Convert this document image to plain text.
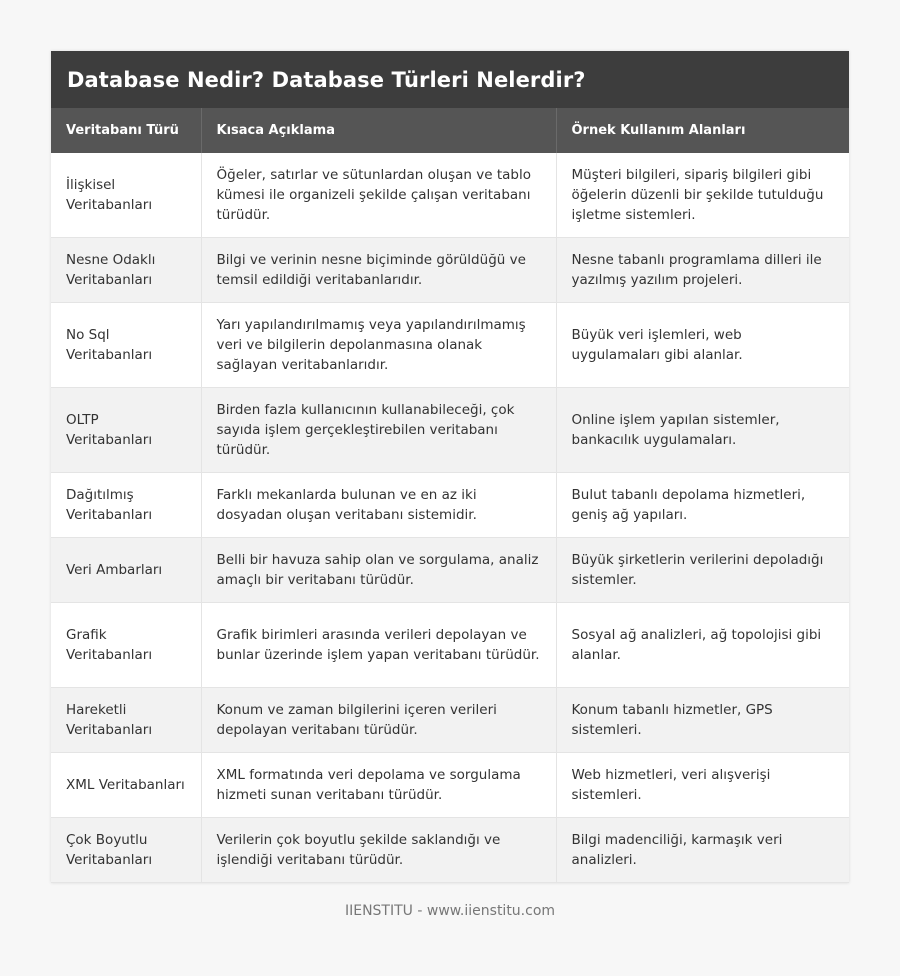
Database Nedir? Database Türleri Nelerdir?
Veritabanı Türü	Kısaca Açıklama	Örnek Kullanım Alanları
İlişkisel Veritabanları	Öğeler, satırlar ve sütunlardan oluşan ve tablo kümesi ile organizeli şekilde çalışan veritabanı türüdür.	Müşteri bilgileri, sipariş bilgileri gibi öğelerin düzenli bir şekilde tutulduğu işletme sistemleri.
Nesne Odaklı Veritabanları	Bilgi ve verinin nesne biçiminde görüldüğü ve temsil edildiği veritabanlarıdır.	Nesne tabanlı programlama dilleri ile yazılmış yazılım projeleri.
No Sql Veritabanları	Yarı yapılandırılmamış veya yapılandırılmamış veri ve bilgilerin depolanmasına olanak sağlayan veritabanlarıdır.	Büyük veri işlemleri, web uygulamaları gibi alanlar.
OLTP Veritabanları	Birden fazla kullanıcının kullanabileceği, çok sayıda işlem gerçekleştirebilen veritabanı türüdür.	Online işlem yapılan sistemler, bankacılık uygulamaları.
Dağıtılmış Veritabanları	Farklı mekanlarda bulunan ve en az iki dosyadan oluşan veritabanı sistemidir.	Bulut tabanlı depolama hizmetleri, geniş ağ yapıları.
Veri Ambarları	Belli bir havuza sahip olan ve sorgulama, analiz amaçlı bir veritabanı türüdür.	Büyük şirketlerin verilerini depoladığı sistemler.
Grafik Veritabanları	Grafik birimleri arasında verileri depolayan ve bunlar üzerinde işlem yapan veritabanı türüdür.	Sosyal ağ analizleri, ağ topolojisi gibi alanlar.
Hareketli Veritabanları	Konum ve zaman bilgilerini içeren verileri depolayan veritabanı türüdür.	Konum tabanlı hizmetler, GPS sistemleri.
XML Veritabanları	XML formatında veri depolama ve sorgulama hizmeti sunan veritabanı türüdür.	Web hizmetleri, veri alışverişi sistemleri.
Çok Boyutlu Veritabanları	Verilerin çok boyutlu şekilde saklandığı ve işlendiği veritabanı türüdür.	Bilgi madenciliği, karmaşık veri analizleri.
IIENSTITU - www.iienstitu.com
